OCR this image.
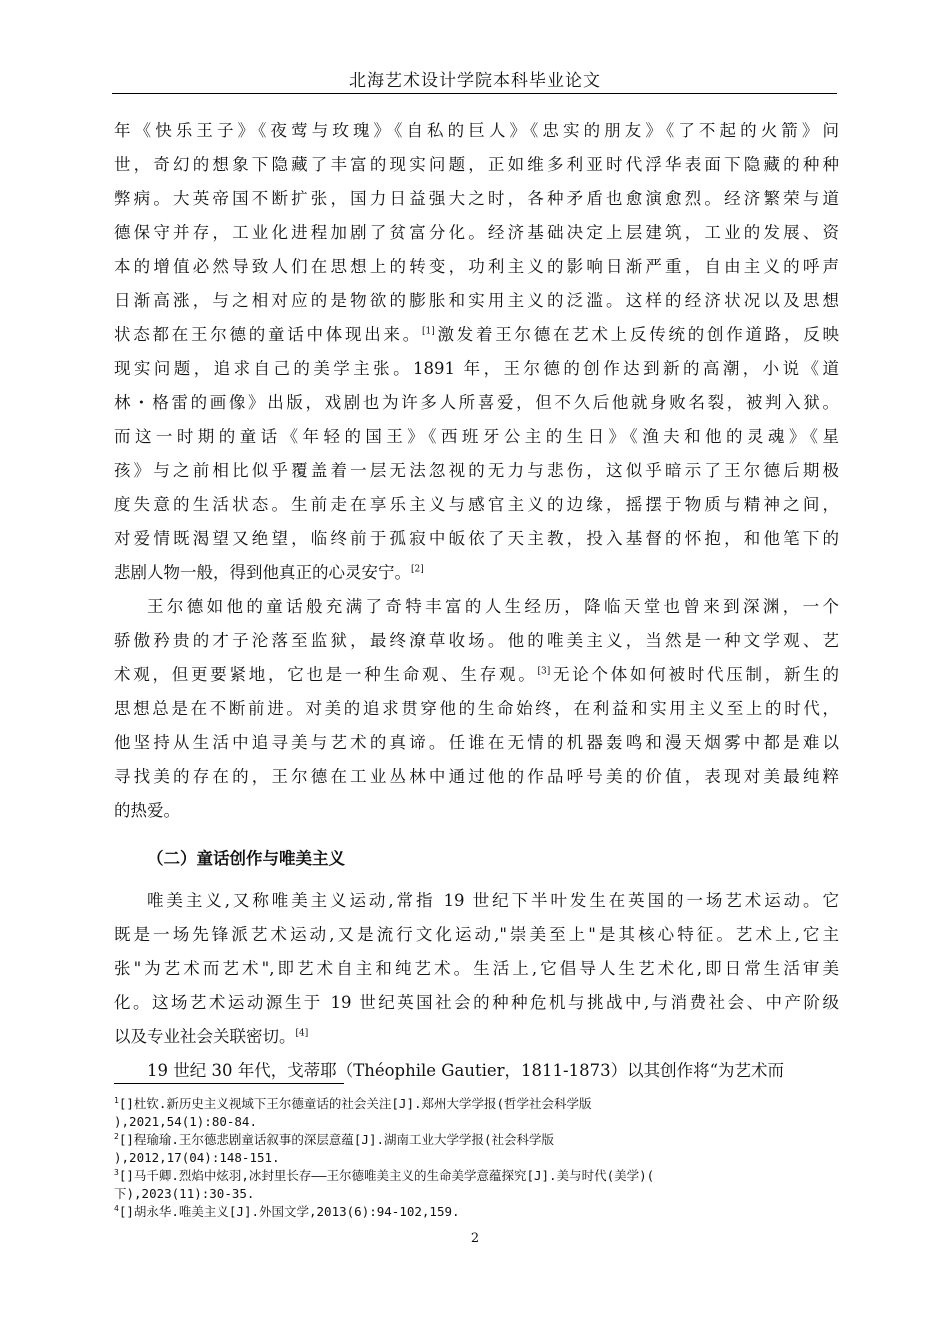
北海艺术设计学院本科毕业论文
年《快乐王子》《夜莺与玫瑰》《自私的巨人》《忠实的朋友》《了不起的火箭》问
世，奇幻的想象下隐藏了丰富的现实问题，正如维多利亚时代浮华表面下隐藏的种种
弊病。大英帝国不断扩张，国力日益强大之时，各种矛盾也愈演愈烈。经济繁荣与道
德保守并存，工业化进程加剧了贫富分化。经济基础决定上层建筑，工业的发展、资
本的增值必然导致人们在思想上的转变，功利主义的影响日渐严重，自由主义的呼声
日渐高涨，与之相对应的是物欲的膨胀和实用主义的泛滥。这样的经济状况以及思想
状态都在王尔德的童话中体现出来。[1]激发着王尔德在艺术上反传统的创作道路，反映
现实问题，追求自己的美学主张。1891 年，王尔德的创作达到新的高潮，小说《道
林・格雷的画像》出版，戏剧也为许多人所喜爱，但不久后他就身败名裂，被判入狱。
而这一时期的童话《年轻的国王》《西班牙公主的生日》《渔夫和他的灵魂》《星
孩》与之前相比似乎覆盖着一层无法忽视的无力与悲伤，这似乎暗示了王尔德后期极
度失意的生活状态。生前走在享乐主义与感官主义的边缘，摇摆于物质与精神之间，
对爱情既渴望又绝望，临终前于孤寂中皈依了天主教，投入基督的怀抱，和他笔下的
悲剧人物一般，得到他真正的心灵安宁。[2]
王尔德如他的童话般充满了奇特丰富的人生经历，降临天堂也曾来到深渊，一个
骄傲矜贵的才子沦落至监狱，最终潦草收场。他的唯美主义，当然是一种文学观、艺
术观，但更要紧地，它也是一种生命观、生存观。[3]无论个体如何被时代压制，新生的
思想总是在不断前进。对美的追求贯穿他的生命始终，在利益和实用主义至上的时代，
他坚持从生活中追寻美与艺术的真谛。任谁在无情的机器轰鸣和漫天烟雾中都是难以
寻找美的存在的，王尔德在工业丛林中通过他的作品呼号美的价值，表现对美最纯粹
的热爱。
（二）童话创作与唯美主义
唯美主义,又称唯美主义运动,常指 19 世纪下半叶发生在英国的一场艺术运动。它
既是一场先锋派艺术运动,又是流行文化运动,"崇美至上"是其核心特征。艺术上,它主
张"为艺术而艺术",即艺术自主和纯艺术。生活上,它倡导人生艺术化,即日常生活审美
化。这场艺术运动源生于 19 世纪英国社会的种种危机与挑战中,与消费社会、中产阶级
以及专业社会关联密切。[4]
19 世纪 30 年代，戈蒂耶（Théophile Gautier，1811-1873）以其创作将“为艺术而
$^1$[]杜钦.新历史主义视域下王尔德童话的社会关注[J].郑州大学学报(哲学社会科学版
),2021,54(1):80-84.
$^2$[]程瑜瑜.王尔德悲剧童话叙事的深层意蕴[J].湖南工业大学学报(社会科学版
),2012,17(04):148-151.
$^3$[]马千卿.烈焰中炫羽,冰封里长存——王尔德唯美主义的生命美学意蕴探究[J].美与时代(美学)(
下),2023(11):30-35.
$^4$[]胡永华.唯美主义[J].外国文学,2013(6):94-102,159.
2
